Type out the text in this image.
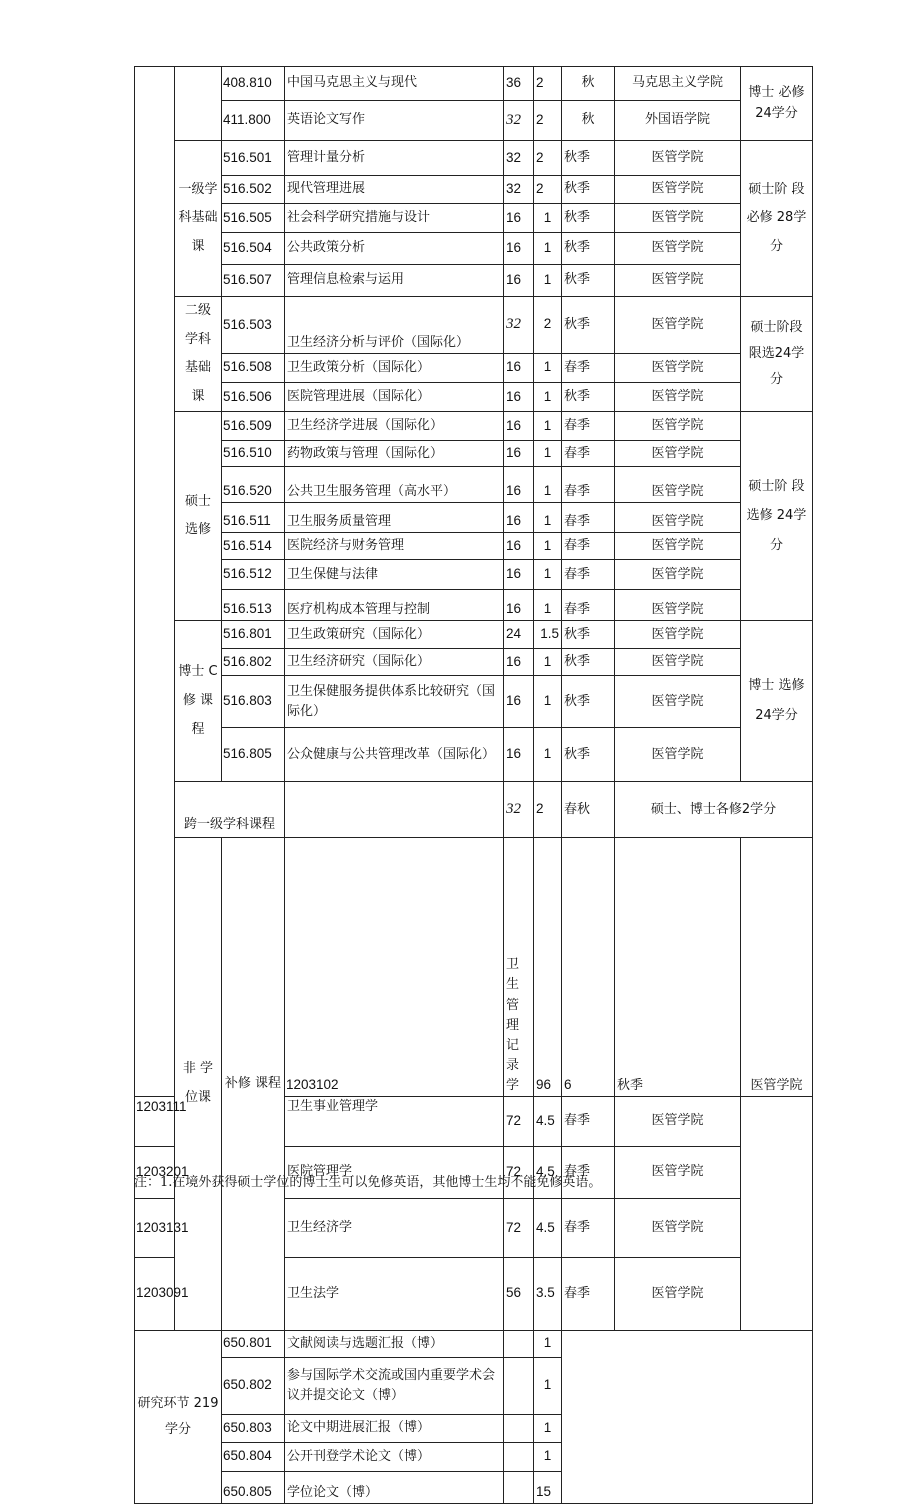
		408.810	中国马克思主义与现代	36	2	秋	马克思主义学院	博士 必修 24学分	
		411.800	英语论文写作	32	2	秋	外国语学院		
	一级学 科基础 课	516.501	管理计量分析	32	2	秋季	医管学院	硕士阶 段必修 28学分	
		516.502	现代管理进展	32	2	秋季	医管学院		
		516.505	社会科学研究措施与设计	16	1	秋季	医管学院		
		516.504	公共政策分析	16	1	秋季	医管学院		
		516.507	管理信息检索与运用	16	1	秋季	医管学院		
	二级 学科 基础 课	516.503	卫生经济分析与评价（国际化）	32	2	秋季	医管学院	硕士阶段 限选24学 分	
		516.508	卫生政策分析（国际化）	16	1	春季	医管学院		
		516.506	医院管理进展（国际化）	16	1	秋季	医管学院		
	硕士 选修	516.509	卫生经济学进展（国际化）	16	1	春季	医管学院	硕士阶 段选修 24学分	
		516.510	药物政策与管理（国际化）	16	1	春季	医管学院		
		516.520	公共卫生服务管理（高水平）	16	1	春季	医管学院		
		516.511	卫生服务质量管理	16	1	春季	医管学院		
		516.514	医院经济与财务管理	16	1	春季	医管学院		
		516.512	卫生保健与法律	16	1	春季	医管学院		
		516.513	医疗机构成本管理与控制	16	1	春季	医管学院		
	博士 C修 课程	516.801	卫生政策研究（国际化）	24	1.5	秋季	医管学院	博士 选修 24学分	
		516.802	卫生经济研究（国际化）	16	1	秋季	医管学院		
		516.803	卫生保健服务提供体系比较研究（国际化）	16	1	秋季	医管学院		
		516.805	公众健康与公共管理改革（国际化）	16	1	秋季	医管学院		
	跨一级学科课程			32	2	春秋	硕士、博士各修2学分		
	非 学 位课	补修 课程	1203102	卫生管理记录学	96	6	秋季	医管学院	
1203111			卫生事业管理学	72	4.5	春季	医管学院		
1203201			医院管理学	72	4.5	春季	医管学院		
1203131			卫生经济学	72	4.5	春季	医管学院		
1203091			卫生法学	56	3.5	春季	医管学院		
研究环节 219学分		650.801	文献阅读与选题汇报（博）		1				
		650.802	参与国际学术交流或国内重要学术会议并提交论文（博）		1				
		650.803	论文中期进展汇报（博）		1				
		650.804	公开刊登学术论文（博）		1				
		650.805	学位论文（博）		15				
注：1.在境外获得硕士学位的博士生可以免修英语，其他博士生均不能免修英语。
